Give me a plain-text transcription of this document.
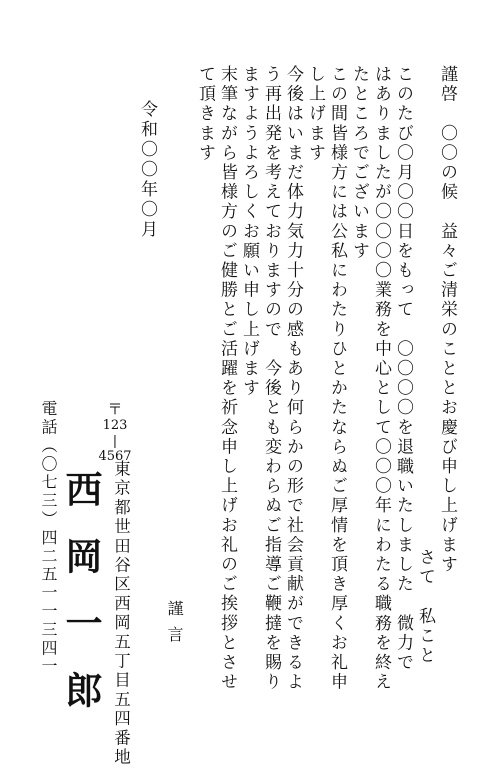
謹啓　〇〇の候　益々ご清栄のこととお慶び申し上げます
さて　私こと
このたび〇月〇〇日をもって　〇〇〇〇を退職いたしました　微力で
はありましたが〇〇〇〇業務を中心として〇〇〇年にわたる職務を終え
たところでございます
この間皆様方には公私にわたりひとかたならぬご厚情を頂き厚くお礼申
し上げます
今後はいまだ体力気力十分の感もあり何らかの形で社会貢献ができるよ
う再出発を考えておりますので　今後とも変わらぬご指導ご鞭撻を賜り
ますようよろしくお願い申し上げます
末筆ながら皆様方のご健勝とご活躍を祈念申し上げお礼のご挨拶とさせ
て頂きます
謹言
令和〇〇年〇月
〒
123
|
4567
東京都世田谷区西岡五丁目五四番地
西岡一郎
電話（〇七三）四二五一一三四一
